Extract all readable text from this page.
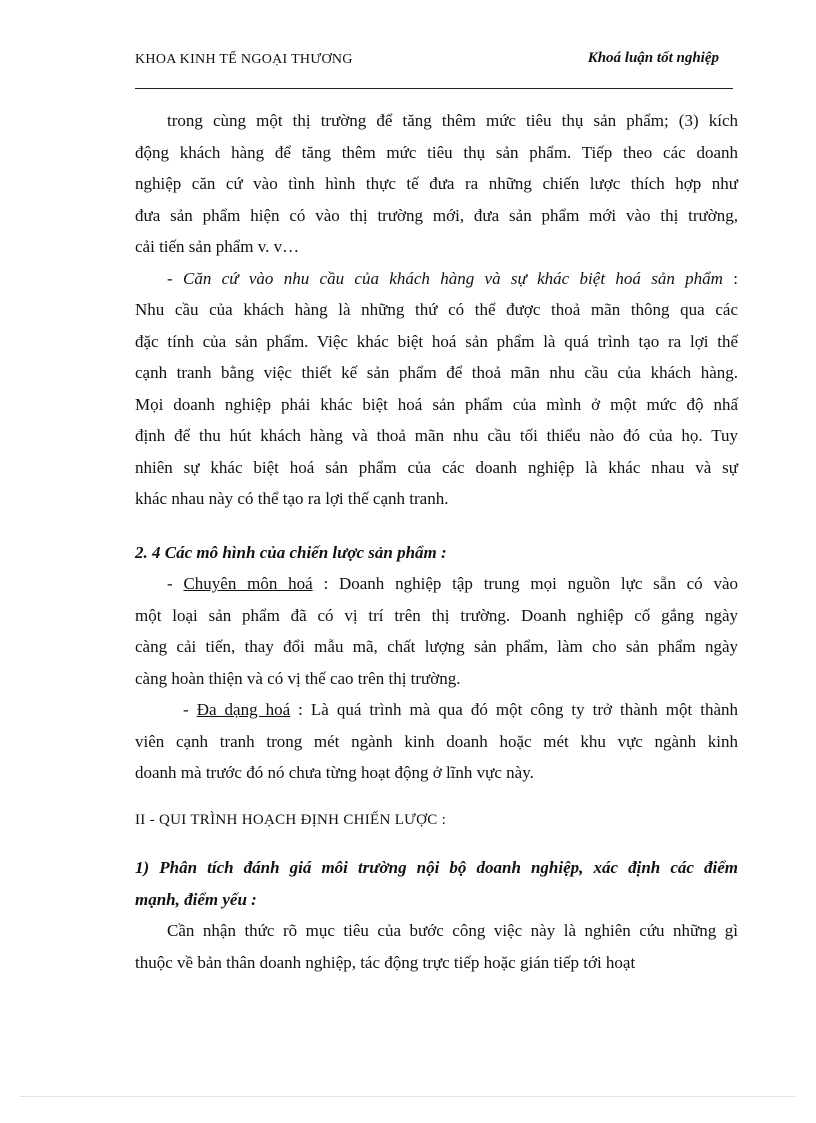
KHOA KINH TẾ NGOẠI THƯƠNG	Khoá luận tốt nghiệp
trong cùng một thị trường để tăng thêm mức tiêu thụ sản phẩm; (3) kích
động khách hàng để tăng thêm mức tiêu thụ sản phẩm. Tiếp theo các doanh
nghiệp căn cứ vào tình hình thực tế đưa ra những chiến lược thích hợp như
đưa sản phẩm hiện có vào thị trường mới, đưa sản phẩm mới vào thị trường,
cải tiến sản phẩm v. v…
- Căn cứ vào nhu cầu của khách hàng và sự khác biệt hoá sản phẩm :
Nhu cầu của khách hàng là những thứ có thể được thoả mãn thông qua các
đặc tính của sản phẩm. Việc khác biệt hoá sản phẩm là quá trình tạo ra lợi thế
cạnh tranh bằng việc thiết kế sản phẩm để thoả mãn nhu cầu của khách hàng.
Mọi doanh nghiệp phải khác biệt hoá sản phẩm của mình ở một mức độ nhấ
định để thu hút khách hàng và thoả mãn nhu cầu tối thiểu nào đó của họ. Tuy
nhiên sự khác biệt hoá sản phẩm của các doanh nghiệp là khác nhau và sự
khác nhau này có thể tạo ra lợi thế cạnh tranh.
2. 4 Các mô hình của chiến lược sản phẩm :
- Chuyên môn hoá : Doanh nghiệp tập trung mọi nguồn lực sẵn có vào
một loại sản phẩm đã có vị trí trên thị trường. Doanh nghiệp cố gắng ngày
càng cải tiến, thay đổi mẫu mã, chất lượng sản phẩm, làm cho sản phẩm ngày
càng hoàn thiện và có vị thế cao trên thị trường.
- Đa dạng hoá : Là quá trình mà qua đó một công ty trở thành một thành
viên cạnh tranh trong mét ngành kinh doanh hoặc mét khu vực ngành kinh
doanh mà trước đó nó chưa từng hoạt động ở lĩnh vực này.
II - QUI TRÌNH HOẠCH ĐỊNH CHIẾN LƯỢC :
1) Phân tích đánh giá môi trường nội bộ doanh nghiệp, xác định các điểm
mạnh, điểm yếu :
Cần nhận thức rõ mục tiêu của bước công việc này là nghiên cứu những gì
thuộc về bản thân doanh nghiệp, tác động trực tiếp hoặc gián tiếp tới hoạt
